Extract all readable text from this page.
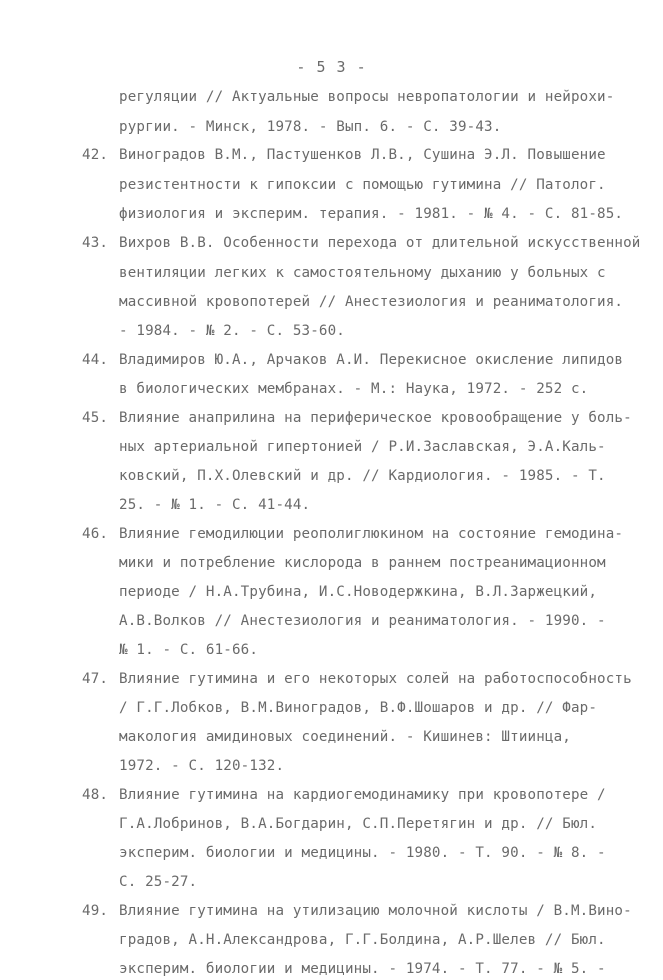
- 5 3 -
регуляции // Актуальные вопросы невропатологии и нейрохи-
рургии. - Минск, 1978. - Вып. 6. - С. 39-43.
42. Виноградов В.М., Пастушенков Л.В., Сушина Э.Л. Повышение
резистентности к гипоксии с помощью гутимина // Патолог.
физиология и эксперим. терапия. - 1981. - № 4. - С. 81-85.
43. Вихров В.В. Особенности перехода от длительной искусственной
вентиляции легких к самостоятельному дыханию у больных с
массивной кровопотерей // Анестезиология и реаниматология.
- 1984. - № 2. - С. 53-60.
44. Владимиров Ю.А., Арчаков А.И. Перекисное окисление липидов
в биологических мембранах. - М.: Наука, 1972. - 252 с.
45. Влияние анаприлина на периферическое кровообращение у боль-
ных артериальной гипертонией / Р.И.Заславская, Э.А.Каль-
ковский, П.Х.Олевский и др. // Кардиология. - 1985. - Т.
25. - № 1. - С. 41-44.
46. Влияние гемодилюции реополиглюкином на состояние гемодина-
мики и потребление кислорода в раннем постреанимационном
периоде / Н.А.Трубина, И.С.Новодержкина, В.Л.Заржецкий,
А.В.Волков // Анестезиология и реаниматология. - 1990. -
№ 1. - С. 61-66.
47. Влияние гутимина и его некоторых солей на работоспособность
/ Г.Г.Лобков, В.М.Виноградов, В.Ф.Шошаров и др. // Фар-
макология амидиновых соединений. - Кишинев: Штиинца,
1972. - С. 120-132.
48. Влияние гутимина на кардиогемодинамику при кровопотере /
Г.А.Лобринов, В.А.Богдарин, С.П.Перетягин и др. // Бюл.
эксперим. биологии и медицины. - 1980. - Т. 90. - № 8. -
С. 25-27.
49. Влияние гутимина на утилизацию молочной кислоты / В.М.Вино-
градов, А.Н.Александрова, Г.Г.Болдина, А.Р.Шелев // Бюл.
эксперим. биологии и медицины. - 1974. - Т. 77. - № 5. -
